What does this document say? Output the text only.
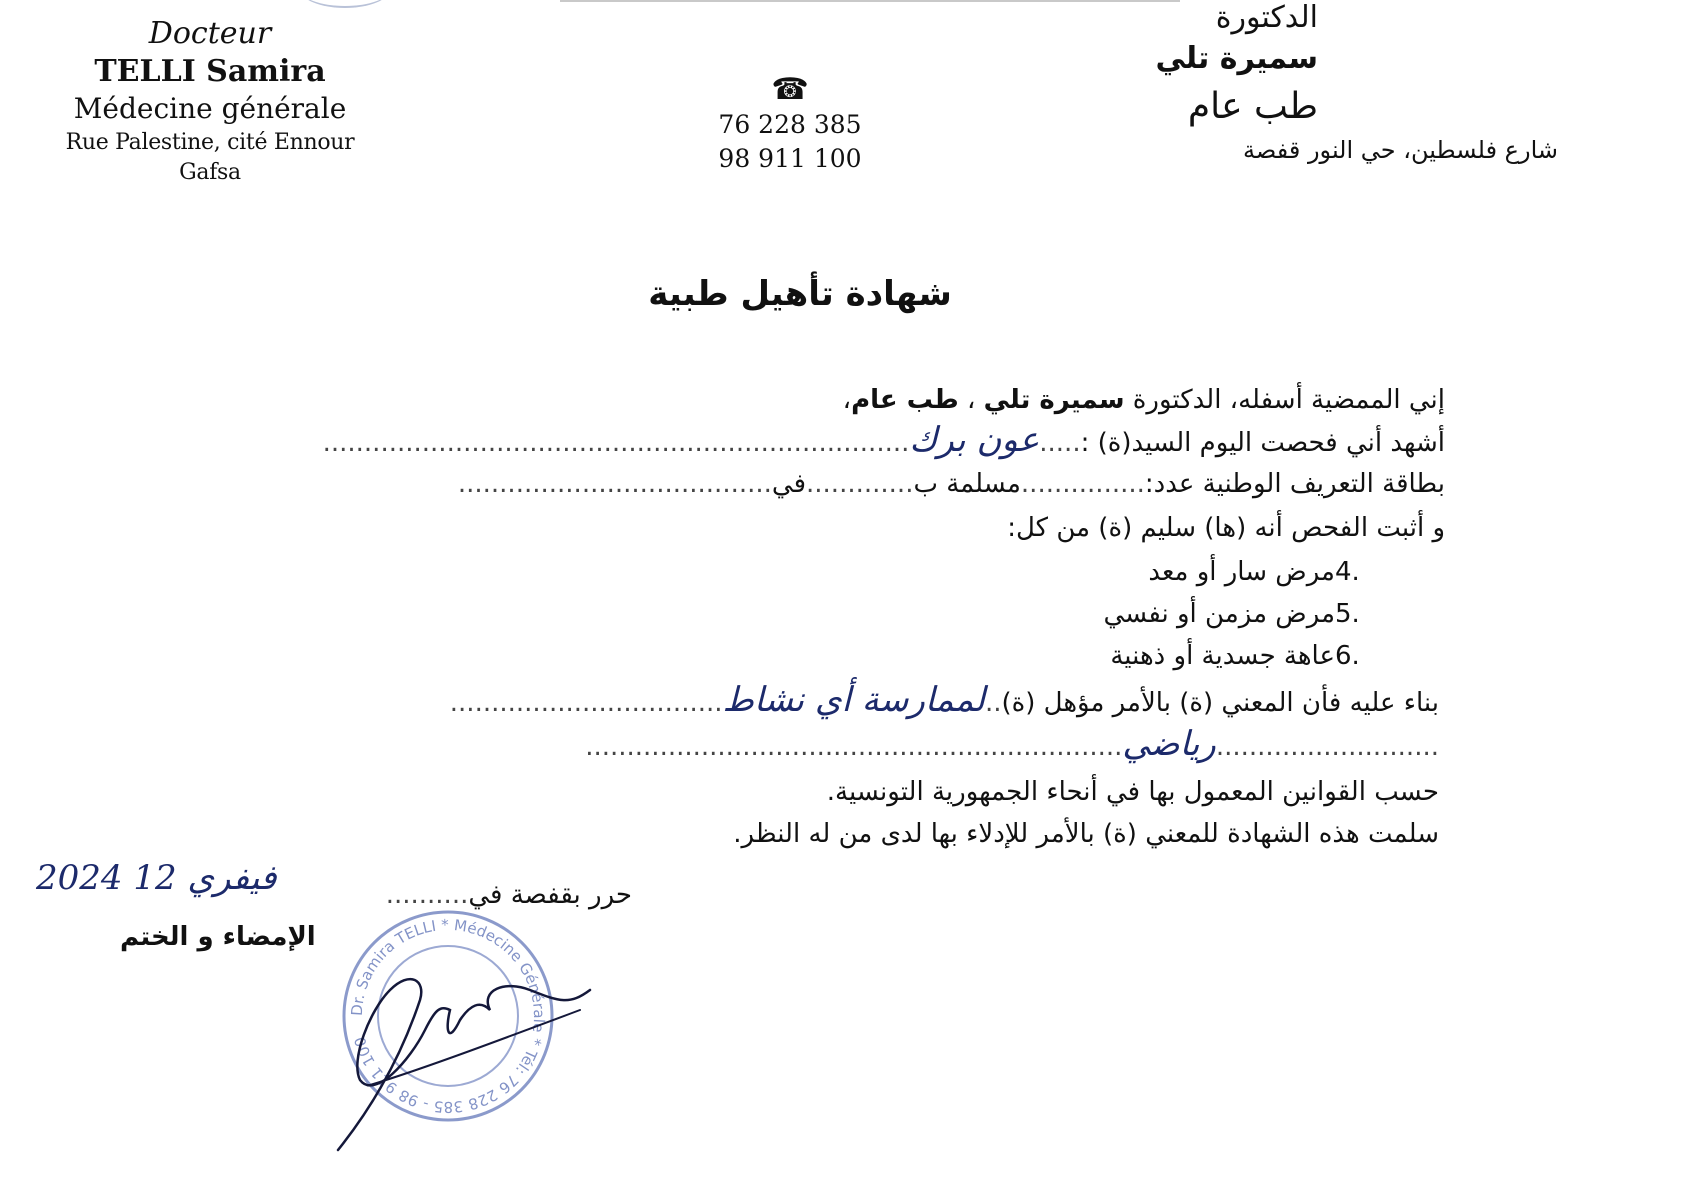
Docteur
TELLI Samira
Médecine générale
Rue Palestine, cité Ennour
Gafsa
☎
76 228 385
98 911 100
الدكتورة
سميرة تلي
طب عام
شارع فلسطين، حي النور قفصة
شهادة تأهيل طبية
إني الممضية أسفله، الدكتورة سميرة تلي ، طب عام،
أشهد أني فحصت اليوم السيد(ة) :.....عون برك.......................................................................
بطاقة التعريف الوطنية عدد:...............مسلمة ب.............في......................................
و أثبت الفحص أنه (ها) سليم (ة) من كل:
4.مرض سار أو معد
5.مرض مزمن أو نفسي
6.عاهة جسدية أو ذهنية
بناء عليه فأن المعني (ة) بالأمر مؤهل (ة)..لممارسة أي نشاط.................................
...........................رياضي.................................................................
حسب القوانين المعمول بها في أنحاء الجمهورية التونسية.
سلمت هذه الشهادة للمعني (ة) بالأمر للإدلاء بها لدى من له النظر.
حرر بقفصة في..........
2024 فيفري 12
الإمضاء و الختم
Dr. Samira TELLI * Médecine Générale * Tél: 76 228 385 - 98 911 100
